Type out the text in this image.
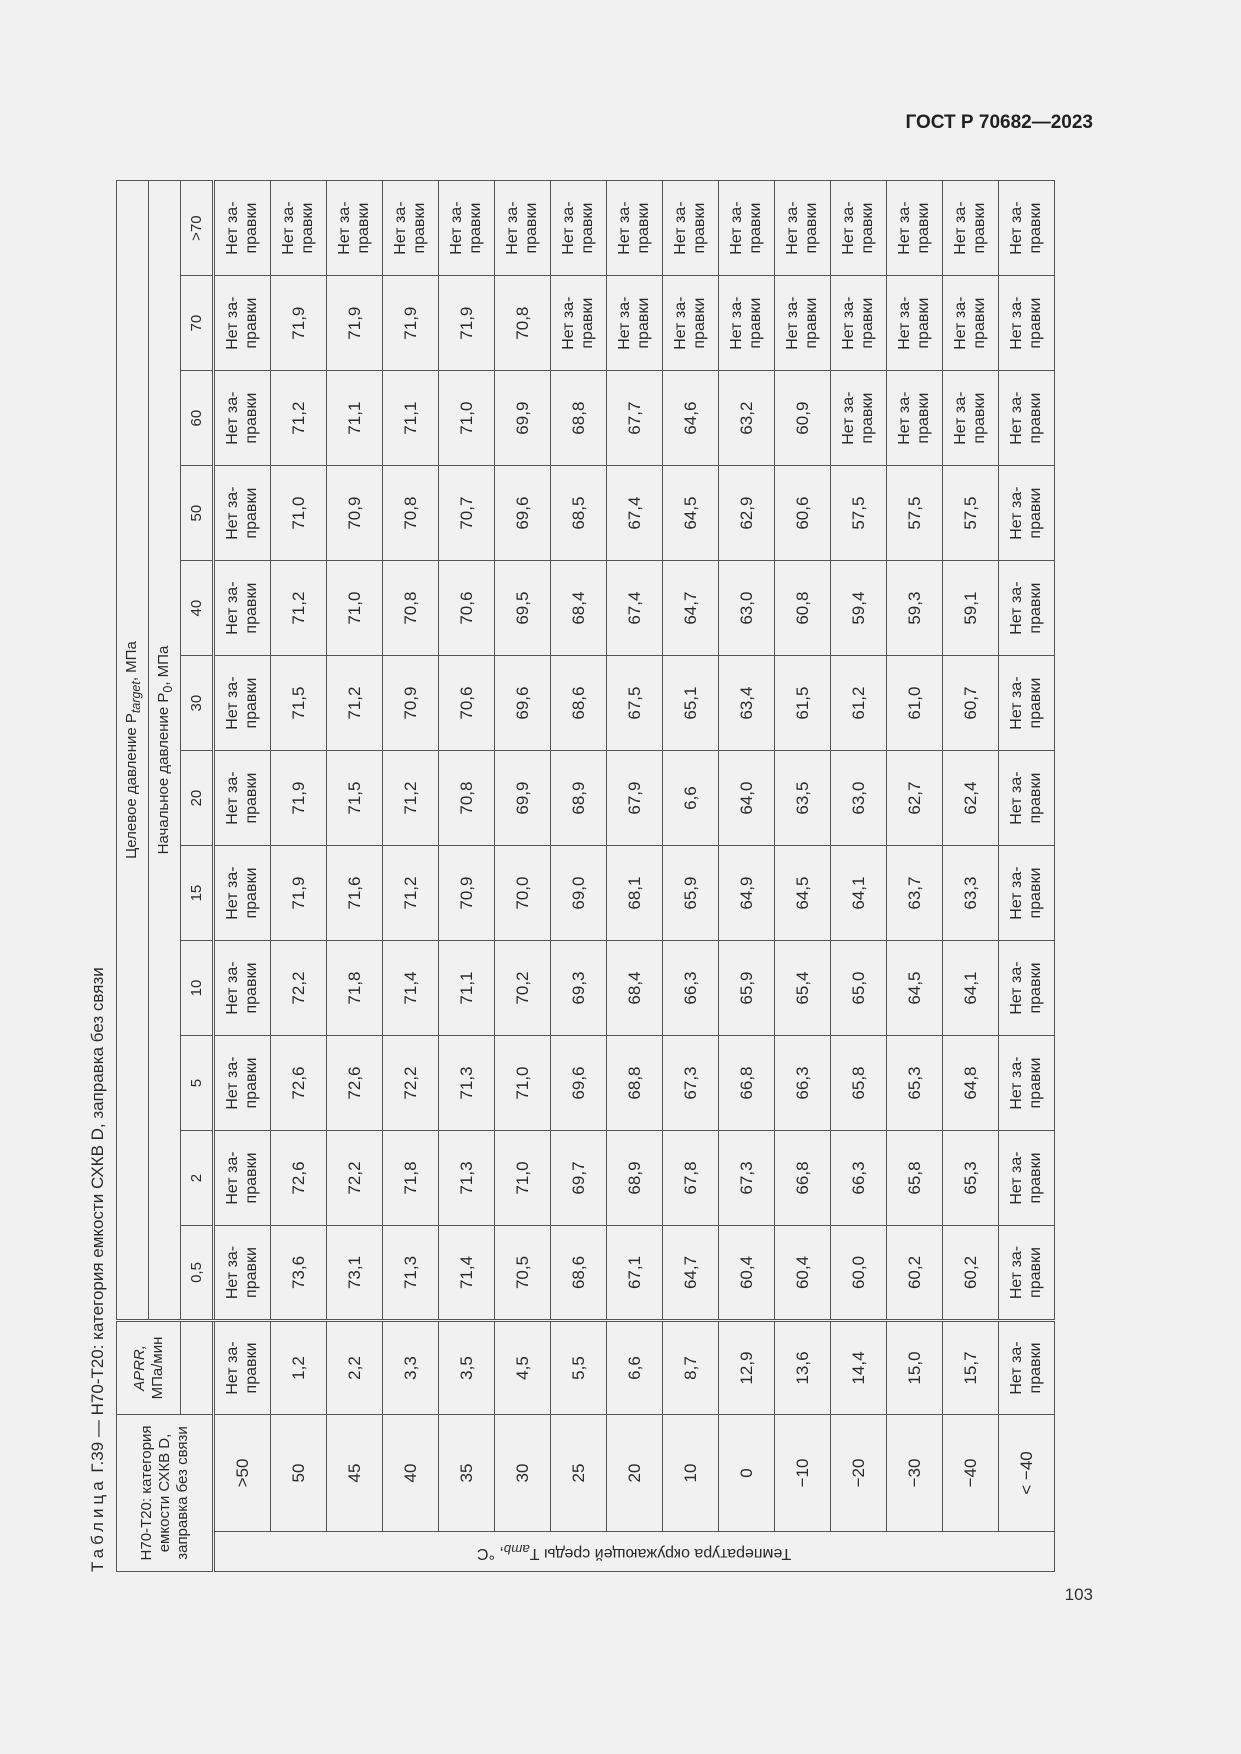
ГОСТ Р 70682—2023
Таблица Г.39 — Н70-Т20: категория емкости СХКВ D, заправка без связи
Н70-Т20: категория емкости СХКВ D, заправка без связи		APRR,
МПа/мин	Целевое давление $P_{target}$, МПа											
			Начальное давление $P_0$, МПа											
			0,5	2	5	10	15	20	30	40	50	60	70	>70

Температура окружающей среды $T_{amb}$, °С	>50	Нет за-
правки	Нет за-
правки	Нет за-
правки	Нет за-
правки	Нет за-
правки	Нет за-
правки	Нет за-
правки	Нет за-
правки	Нет за-
правки	Нет за-
правки	Нет за-
правки	Нет за-
правки	Нет за-
правки
	50	1,2	73,6	72,6	72,6	72,2	71,9	71,9	71,5	71,2	71,0	71,2	71,9	Нет за-
правки
	45	2,2	73,1	72,2	72,6	71,8	71,6	71,5	71,2	71,0	70,9	71,1	71,9	Нет за-
правки
	40	3,3	71,3	71,8	72,2	71,4	71,2	71,2	70,9	70,8	70,8	71,1	71,9	Нет за-
правки
	35	3,5	71,4	71,3	71,3	71,1	70,9	70,8	70,6	70,6	70,7	71,0	71,9	Нет за-
правки
	30	4,5	70,5	71,0	71,0	70,2	70,0	69,9	69,6	69,5	69,6	69,9	70,8	Нет за-
правки
	25	5,5	68,6	69,7	69,6	69,3	69,0	68,9	68,6	68,4	68,5	68,8	Нет за-
правки	Нет за-
правки
	20	6,6	67,1	68,9	68,8	68,4	68,1	67,9	67,5	67,4	67,4	67,7	Нет за-
правки	Нет за-
правки
	10	8,7	64,7	67,8	67,3	66,3	65,9	6,6	65,1	64,7	64,5	64,6	Нет за-
правки	Нет за-
правки
	0	12,9	60,4	67,3	66,8	65,9	64,9	64,0	63,4	63,0	62,9	63,2	Нет за-
правки	Нет за-
правки
	−10	13,6	60,4	66,8	66,3	65,4	64,5	63,5	61,5	60,8	60,6	60,9	Нет за-
правки	Нет за-
правки
	−20	14,4	60,0	66,3	65,8	65,0	64,1	63,0	61,2	59,4	57,5	Нет за-
правки	Нет за-
правки	Нет за-
правки
	−30	15,0	60,2	65,8	65,3	64,5	63,7	62,7	61,0	59,3	57,5	Нет за-
правки	Нет за-
правки	Нет за-
правки
	−40	15,7	60,2	65,3	64,8	64,1	63,3	62,4	60,7	59,1	57,5	Нет за-
правки	Нет за-
правки	Нет за-
правки
	< −40	Нет за-
правки	Нет за-
правки	Нет за-
правки	Нет за-
правки	Нет за-
правки	Нет за-
правки	Нет за-
правки	Нет за-
правки	Нет за-
правки	Нет за-
правки	Нет за-
правки	Нет за-
правки	Нет за-
правки
103
